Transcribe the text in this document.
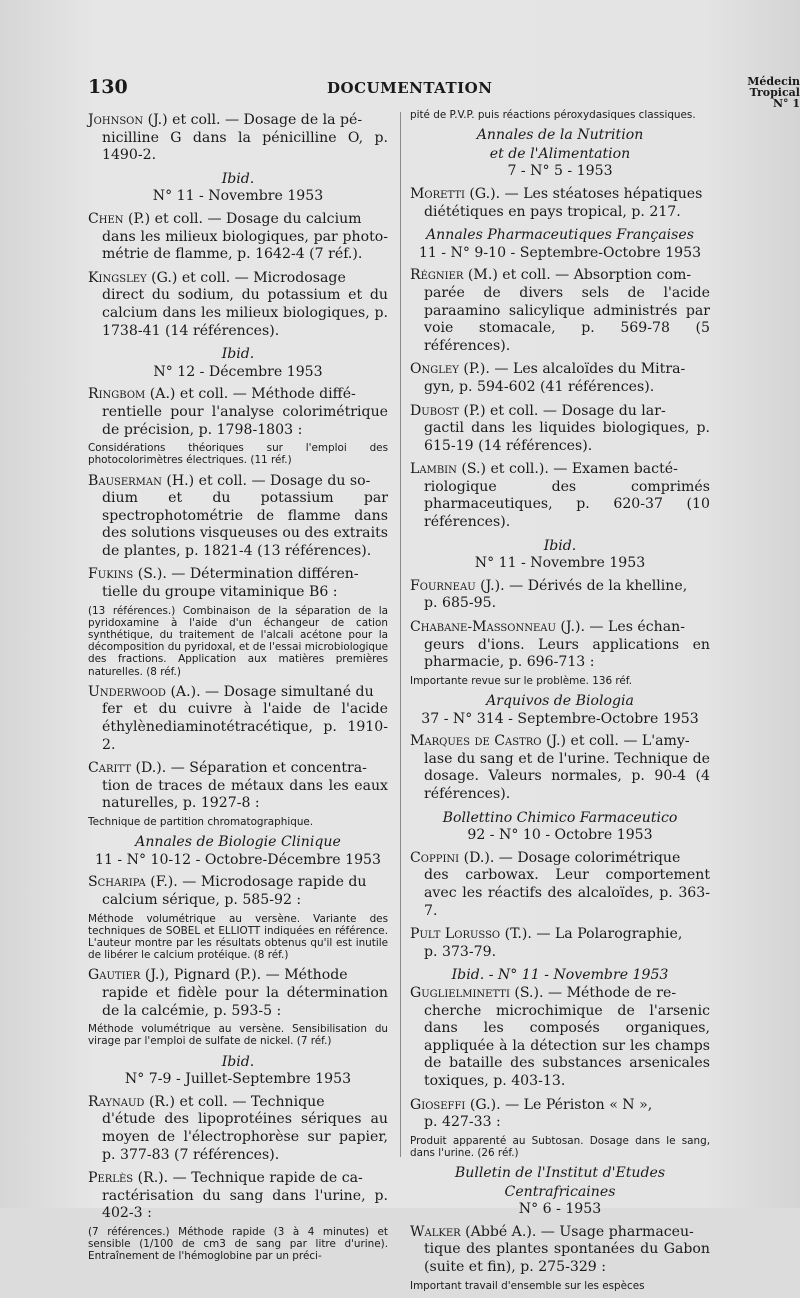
130	DOCUMENTATION	Médecin
Tropical
N° 1
Johnson (J.) et coll. — Dosage de la pé-
nicilline G dans la pénicilline O, p. 1490-2.
Ibid.
N° 11 - Novembre 1953
Chen (P.) et coll. — Dosage du calcium
dans les milieux biologiques, par photo-métrie de flamme, p. 1642-4 (7 réf.).
Kingsley (G.) et coll. — Microdosage
direct du sodium, du potassium et du calcium dans les milieux biologiques, p. 1738-41 (14 références).
Ibid.
N° 12 - Décembre 1953
Ringbom (A.) et coll. — Méthode diffé-
rentielle pour l'analyse colorimétrique de précision, p. 1798-1803 :
Considérations théoriques sur l'emploi des photocolorimètres électriques. (11 réf.)
Bauserman (H.) et coll. — Dosage du so-
dium et du potassium par spectrophotométrie de flamme dans des solutions visqueuses ou des extraits de plantes, p. 1821-4 (13 références).
Fukins (S.). — Détermination différen-
tielle du groupe vitaminique B6 :
(13 références.) Combinaison de la séparation de la pyridoxamine à l'aide d'un échangeur de cation synthétique, du traitement de l'alcali acétone pour la décomposition du pyridoxal, et de l'essai microbiologique des fractions. Application aux matières premières naturelles. (8 réf.)
Underwood (A.). — Dosage simultané du
fer et du cuivre à l'aide de l'acide éthylènediaminotétracétique, p. 1910-2.
Caritt (D.). — Séparation et concentra-
tion de traces de métaux dans les eaux naturelles, p. 1927-8 :
Technique de partition chromatographique.
Annales de Biologie Clinique
11 - N° 10-12 - Octobre-Décembre 1953
Scharipa (F.). — Microdosage rapide du
calcium sérique, p. 585-92 :
Méthode volumétrique au versène. Variante des techniques de SOBEL et ELLIOTT indiquées en référence. L'auteur montre par les résultats obtenus qu'il est inutile de libérer le calcium protéique. (8 réf.)
Gautier (J.), Pignard (P.). — Méthode
rapide et fidèle pour la détermination de la calcémie, p. 593-5 :
Méthode volumétrique au versène. Sensibilisation du virage par l'emploi de sulfate de nickel. (7 réf.)
Ibid.
N° 7-9 - Juillet-Septembre 1953
Raynaud (R.) et coll. — Technique
d'étude des lipoprotéines sériques au moyen de l'électrophorèse sur papier, p. 377-83 (7 références).
Perlès (R.). — Technique rapide de ca-
ractérisation du sang dans l'urine, p. 402-3 :
(7 références.) Méthode rapide (3 à 4 minutes) et sensible (1/100 de cm3 de sang par litre d'urine). Entraînement de l'hémoglobine par un préci-
pité de P.V.P. puis réactions péroxydasiques classiques.
Annales de la Nutrition
et de l'Alimentation
7 - N° 5 - 1953
Moretti (G.). — Les stéatoses hépatiques
diététiques en pays tropical, p. 217.
Annales Pharmaceutiques Françaises
11 - N° 9-10 - Septembre-Octobre 1953
Régnier (M.) et coll. — Absorption com-
parée de divers sels de l'acide paraamino salicylique administrés par voie stomacale, p. 569-78 (5 références).
Ongley (P.). — Les alcaloïdes du Mitra-
gyn, p. 594-602 (41 références).
Dubost (P.) et coll. — Dosage du lar-
gactil dans les liquides biologiques, p. 615-19 (14 références).
Lambin (S.) et coll.). — Examen bacté-
riologique des comprimés pharmaceutiques, p. 620-37 (10 références).
Ibid.
N° 11 - Novembre 1953
Fourneau (J.). — Dérivés de la khelline,
p. 685-95.
Chabane-Massonneau (J.). — Les échan-
geurs d'ions. Leurs applications en pharmacie, p. 696-713 :
Importante revue sur le problème. 136 réf.
Arquivos de Biologia
37 - N° 314 - Septembre-Octobre 1953
Marques de Castro (J.) et coll. — L'amy-
lase du sang et de l'urine. Technique de dosage. Valeurs normales, p. 90-4 (4 références).
Bollettino Chimico Farmaceutico
92 - N° 10 - Octobre 1953
Coppini (D.). — Dosage colorimétrique
des carbowax. Leur comportement avec les réactifs des alcaloïdes, p. 363-7.
Pult Lorusso (T.). — La Polarographie,
p. 373-79.
Ibid. - N° 11 - Novembre 1953
Guglielminetti (S.). — Méthode de re-
cherche microchimique de l'arsenic dans les composés organiques, appliquée à la détection sur les champs de bataille des substances arsenicales toxiques, p. 403-13.
Gioseffi (G.). — Le Périston « N »,
p. 427-33 :
Produit apparenté au Subtosan. Dosage dans le sang, dans l'urine. (26 réf.)
Bulletin de l'Institut d'Etudes
Centrafricaines
N° 6 - 1953
Walker (Abbé A.). — Usage pharmaceu-
tique des plantes spontanées du Gabon (suite et fin), p. 275-329 :
Important travail d'ensemble sur les espèces
